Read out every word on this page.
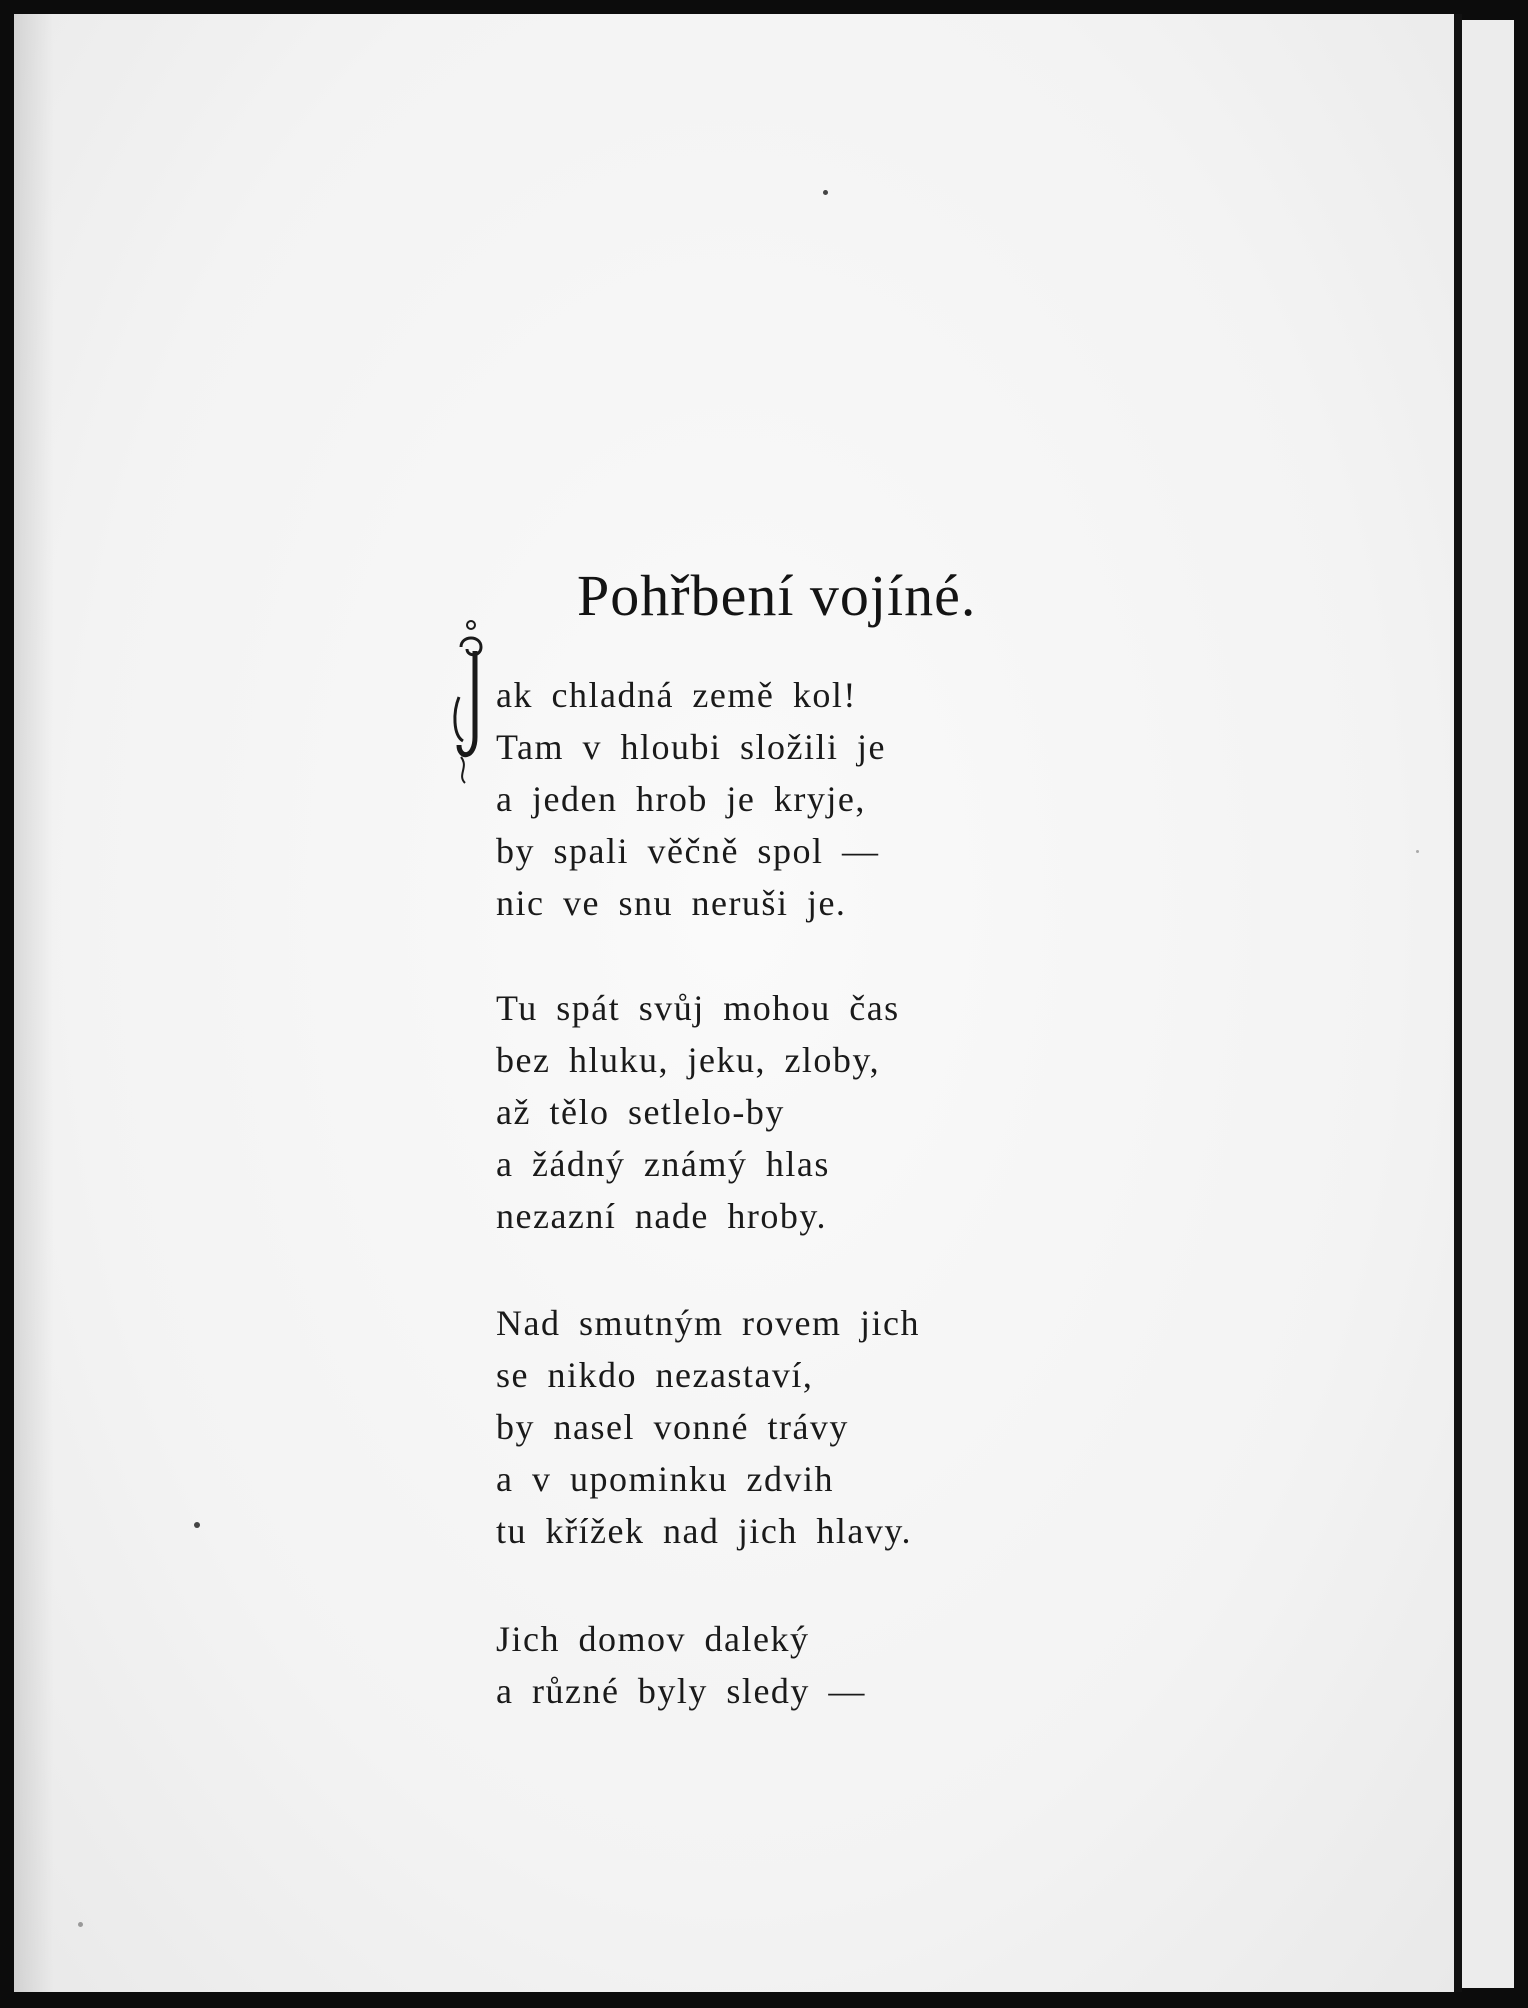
Pohřbení vojíné.
ak chladná země kol!
Tam v hloubi složili je
a jeden hrob je kryje,
by spali věčně spol —
nic ve snu neruši je.
Tu spát svůj mohou čas
bez hluku, jeku, zloby,
až tělo setlelo-by
a žádný známý hlas
nezazní nade hroby.
Nad smutným rovem jich
se nikdo nezastaví,
by nasel vonné trávy
a v upominku zdvih
tu křížek nad jich hlavy.
Jich domov daleký
a různé byly sledy —
